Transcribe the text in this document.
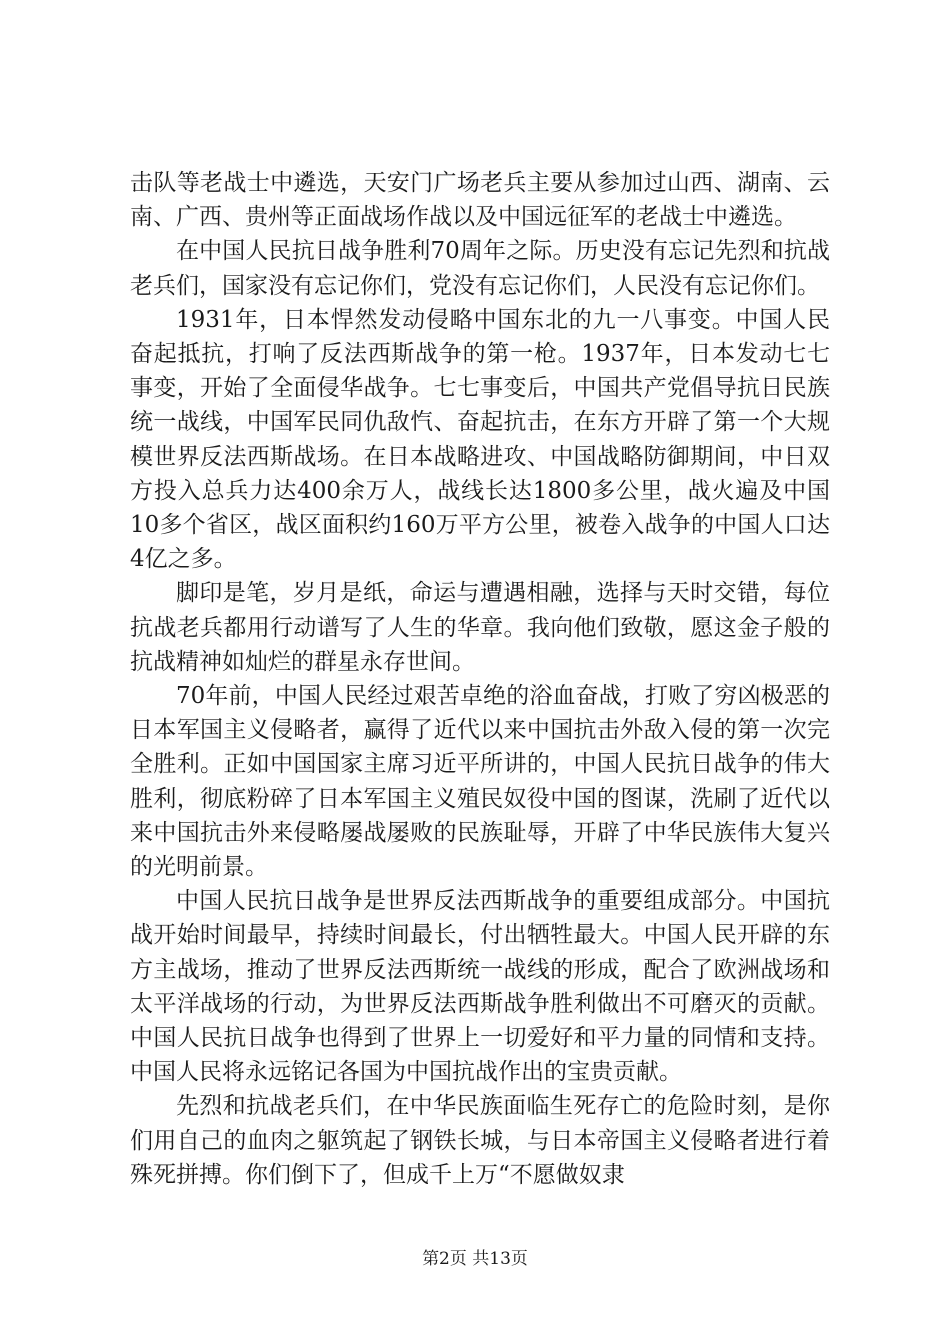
击队等老战士中遴选，天安门广场老兵主要从参加过山西、湖南、云南、广西、贵州等正面战场作战以及中国远征军的老战士中遴选。

在中国人民抗日战争胜利70周年之际。历史没有忘记先烈和抗战老兵们，国家没有忘记你们，党没有忘记你们，人民没有忘记你们。

1931年，日本悍然发动侵略中国东北的九一八事变。中国人民奋起抵抗，打响了反法西斯战争的第一枪。1937年，日本发动七七事变，开始了全面侵华战争。七七事变后，中国共产党倡导抗日民族统一战线，中国军民同仇敌忾、奋起抗击，在东方开辟了第一个大规模世界反法西斯战场。在日本战略进攻、中国战略防御期间，中日双方投入总兵力达400余万人，战线长达1800多公里，战火遍及中国10多个省区，战区面积约160万平方公里，被卷入战争的中国人口达4亿之多。

脚印是笔，岁月是纸，命运与遭遇相融，选择与天时交错，每位抗战老兵都用行动谱写了人生的华章。我向他们致敬，愿这金子般的抗战精神如灿烂的群星永存世间。

70年前，中国人民经过艰苦卓绝的浴血奋战，打败了穷凶极恶的日本军国主义侵略者，赢得了近代以来中国抗击外敌入侵的第一次完全胜利。正如中国国家主席习近平所讲的，中国人民抗日战争的伟大胜利，彻底粉碎了日本军国主义殖民奴役中国的图谋，洗刷了近代以来中国抗击外来侵略屡战屡败的民族耻辱，开辟了中华民族伟大复兴的光明前景。

中国人民抗日战争是世界反法西斯战争的重要组成部分。中国抗战开始时间最早，持续时间最长，付出牺牲最大。中国人民开辟的东方主战场，推动了世界反法西斯统一战线的形成，配合了欧洲战场和太平洋战场的行动，为世界反法西斯战争胜利做出不可磨灭的贡献。中国人民抗日战争也得到了世界上一切爱好和平力量的同情和支持。中国人民将永远铭记各国为中国抗战作出的宝贵贡献。

先烈和抗战老兵们，在中华民族面临生死存亡的危险时刻，是你们用自己的血肉之躯筑起了钢铁长城，与日本帝国主义侵略者进行着殊死拼搏。你们倒下了，但成千上万“不愿做奴隶

第2页 共13页
